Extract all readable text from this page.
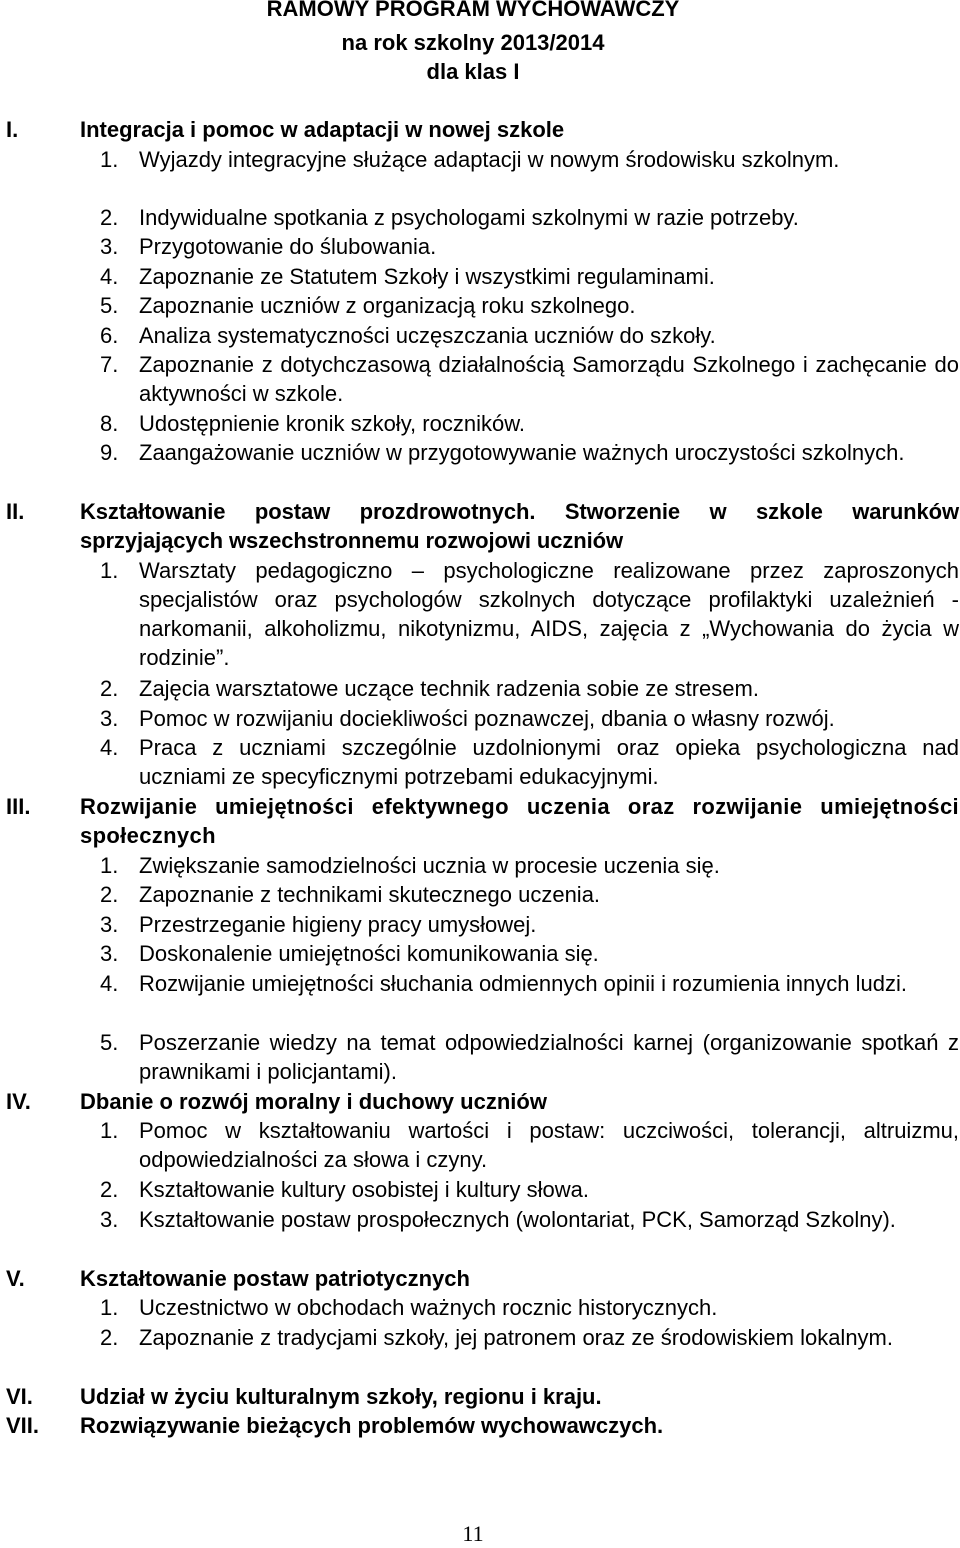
RAMOWY PROGRAM WYCHOWAWCZY
na rok szkolny 2013/2014
dla klas I
I.	Integracja i pomoc w adaptacji w nowej szkole
1. Wyjazdy integracyjne służące adaptacji w nowym środowisku szkolnym.
2. Indywidualne spotkania z psychologami szkolnymi w razie potrzeby.
3. Przygotowanie do ślubowania.
4. Zapoznanie ze Statutem Szkoły i wszystkimi regulaminami.
5. Zapoznanie uczniów z organizacją roku szkolnego.
6. Analiza systematyczności uczęszczania uczniów do szkoły.
7. Zapoznanie z dotychczasową działalnością Samorządu Szkolnego i zachęcanie do aktywności w szkole.
8. Udostępnienie kronik szkoły, roczników.
9. Zaangażowanie uczniów w przygotowywanie ważnych uroczystości szkolnych.
II.	Kształtowanie postaw prozdrowotnych. Stworzenie w szkole warunków sprzyjających wszechstronnemu rozwojowi uczniów
1. Warsztaty pedagogiczno – psychologiczne realizowane przez zaproszonych specjalistów oraz psychologów szkolnych dotyczące profilaktyki uzależnień - narkomanii, alkoholizmu, nikotynizmu, AIDS, zajęcia z „Wychowania do życia w rodzinie”.
2. Zajęcia warsztatowe uczące technik radzenia sobie ze stresem.
3. Pomoc w rozwijaniu dociekliwości poznawczej, dbania o własny rozwój.
4. Praca z uczniami szczególnie uzdolnionymi oraz opieka psychologiczna nad uczniami ze specyficznymi potrzebami edukacyjnymi.
III. Rozwijanie umiejętności efektywnego uczenia oraz rozwijanie umiejętności społecznych
1. Zwiększanie samodzielności ucznia w procesie uczenia się.
2. Zapoznanie z technikami skutecznego uczenia.
3. Przestrzeganie higieny pracy umysłowej.
3. Doskonalenie umiejętności komunikowania się.
4. Rozwijanie umiejętności słuchania odmiennych opinii i rozumienia innych ludzi.
5. Poszerzanie wiedzy na temat odpowiedzialności karnej (organizowanie spotkań z prawnikami i policjantami).
IV. Dbanie o rozwój moralny i duchowy uczniów
1. Pomoc w kształtowaniu wartości i postaw: uczciwości, tolerancji, altruizmu, odpowiedzialności za słowa i czyny.
2. Kształtowanie kultury osobistej i kultury słowa.
3. Kształtowanie postaw prospołecznych (wolontariat, PCK, Samorząd Szkolny).
V.	Kształtowanie postaw patriotycznych
1. Uczestnictwo w obchodach ważnych rocznic historycznych.
2. Zapoznanie z tradycjami szkoły, jej patronem oraz ze środowiskiem lokalnym.
VI. Udział w życiu kulturalnym szkoły, regionu i kraju.
VII. Rozwiązywanie bieżących problemów wychowawczych.
11
